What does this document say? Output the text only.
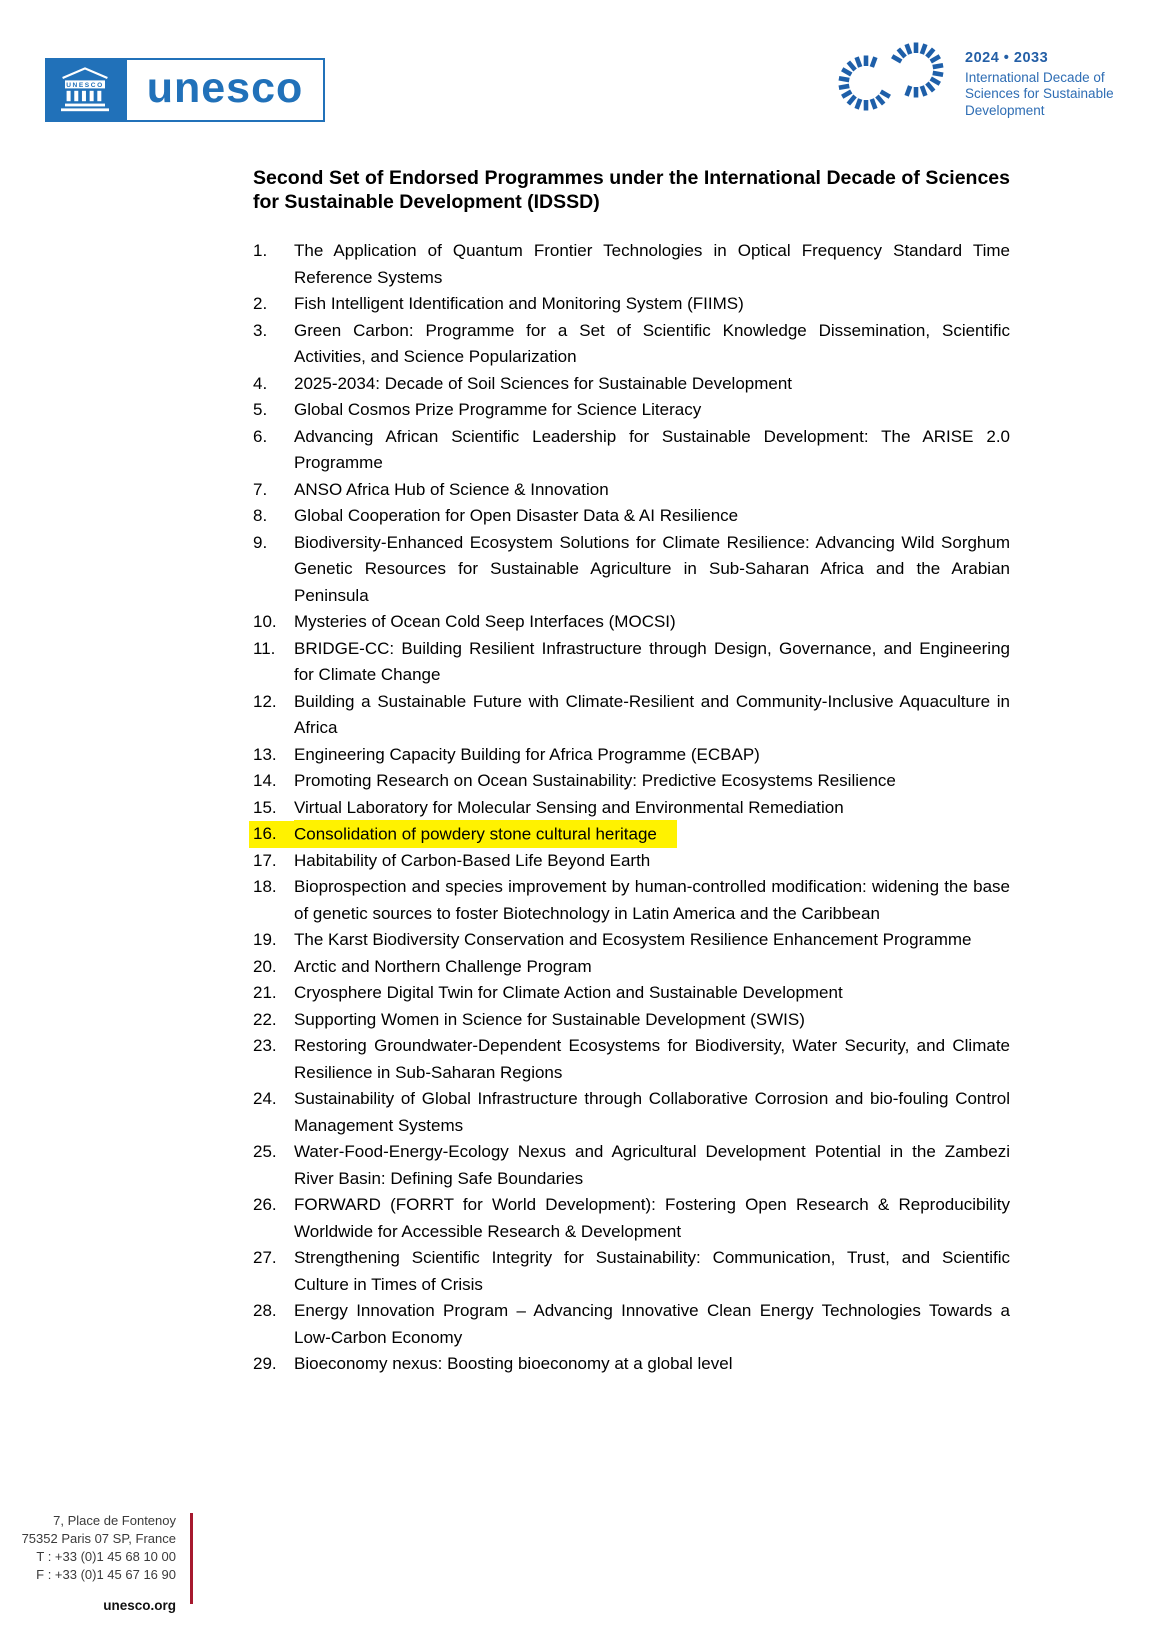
UNESCO unesco
2024 • 2033
International Decade of
Sciences for Sustainable
Development
Second Set of Endorsed Programmes under the International Decade of Sciences for Sustainable Development (IDSSD)
1.	The Application of Quantum Frontier Technologies in Optical Frequency Standard Time Reference Systems
2.	Fish Intelligent Identification and Monitoring System (FIIMS)
3.	Green Carbon: Programme for a Set of Scientific Knowledge Dissemination, Scientific Activities, and Science Popularization
4.	2025-2034: Decade of Soil Sciences for Sustainable Development
5.	Global Cosmos Prize Programme for Science Literacy
6.	Advancing African Scientific Leadership for Sustainable Development: The ARISE 2.0 Programme
7.	ANSO Africa Hub of Science & Innovation
8.	Global Cooperation for Open Disaster Data & AI Resilience
9.	Biodiversity-Enhanced Ecosystem Solutions for Climate Resilience: Advancing Wild Sorghum Genetic Resources for Sustainable Agriculture in Sub-Saharan Africa and the Arabian Peninsula
10.	Mysteries of Ocean Cold Seep Interfaces (MOCSI)
11.	BRIDGE-CC: Building Resilient Infrastructure through Design, Governance, and Engineering for Climate Change
12.	Building a Sustainable Future with Climate-Resilient and Community-Inclusive Aquaculture in Africa
13.	Engineering Capacity Building for Africa Programme (ECBAP)
14.	Promoting Research on Ocean Sustainability: Predictive Ecosystems Resilience
15.	Virtual Laboratory for Molecular Sensing and Environmental Remediation
16.	Consolidation of powdery stone cultural heritage
17.	Habitability of Carbon-Based Life Beyond Earth
18.	Bioprospection and species improvement by human-controlled modification: widening the base of genetic sources to foster Biotechnology in Latin America and the Caribbean
19.	The Karst Biodiversity Conservation and Ecosystem Resilience Enhancement Programme
20.	Arctic and Northern Challenge Program
21.	Cryosphere Digital Twin for Climate Action and Sustainable Development
22.	Supporting Women in Science for Sustainable Development (SWIS)
23.	Restoring Groundwater-Dependent Ecosystems for Biodiversity, Water Security, and Climate Resilience in Sub-Saharan Regions
24.	Sustainability of Global Infrastructure through Collaborative Corrosion and bio-fouling Control Management Systems
25.	Water-Food-Energy-Ecology Nexus and Agricultural Development Potential in the Zambezi River Basin: Defining Safe Boundaries
26.	FORWARD (FORRT for World Development): Fostering Open Research & Reproducibility Worldwide for Accessible Research & Development
27.	Strengthening Scientific Integrity for Sustainability: Communication, Trust, and Scientific Culture in Times of Crisis
28.	Energy Innovation Program – Advancing Innovative Clean Energy Technologies Towards a Low-Carbon Economy
29.	Bioeconomy nexus: Boosting bioeconomy at a global level
7, Place de Fontenoy
75352 Paris 07 SP, France
T : +33 (0)1 45 68 10 00
F : +33 (0)1 45 67 16 90
unesco.org
